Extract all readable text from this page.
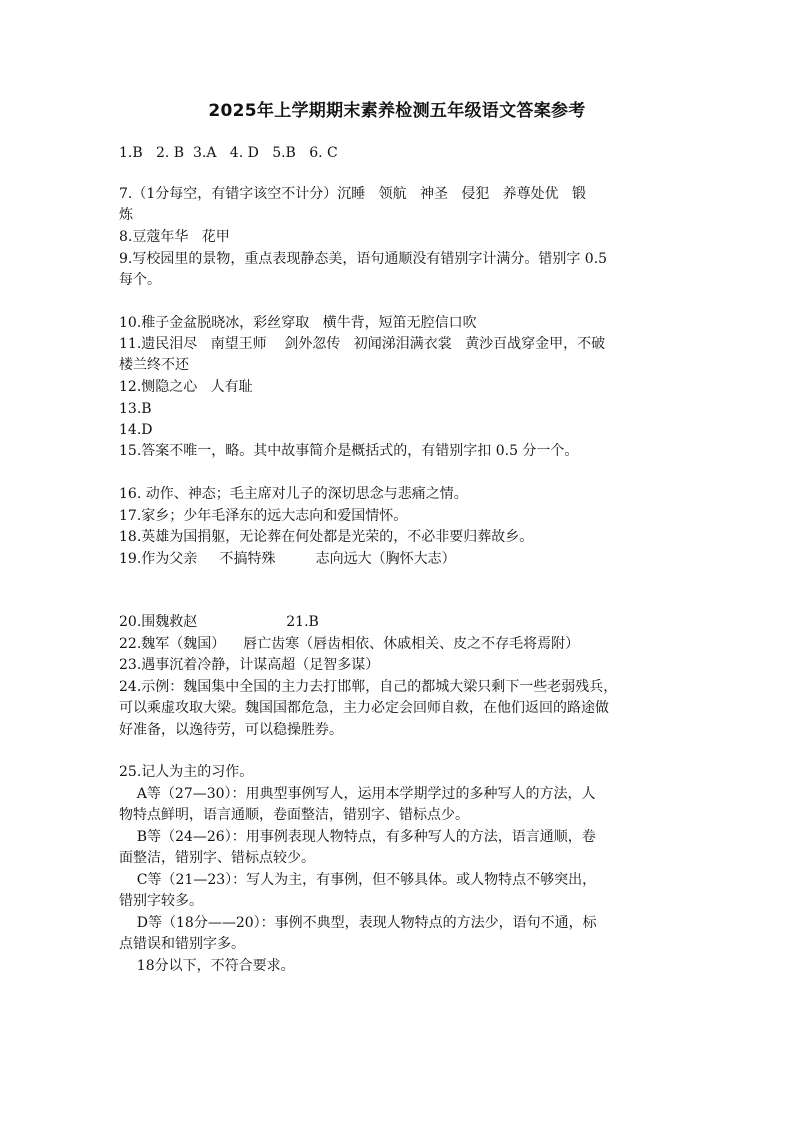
2025年上学期期末素养检测五年级语文答案参考
1.B   2. B  3.A   4. D   5.B   6. C
7.（1分每空，有错字该空不计分）沉睡   领航   神圣   侵犯   养尊处优   锻
炼
8.豆蔻年华   花甲
9.写校园里的景物，重点表现静态美，语句通顺没有错别字计满分。错别字 0.5
每个。
10.稚子金盆脱晓冰，彩丝穿取   横牛背，短笛无腔信口吹
11.遗民泪尽   南望王师    剑外忽传   初闻涕泪满衣裳   黄沙百战穿金甲，不破
楼兰终不还
12.恻隐之心   人有耻
13.B
14.D
15.答案不唯一，略。其中故事简介是概括式的，有错别字扣 0.5 分一个。
16. 动作、神态；毛主席对儿子的深切思念与悲痛之情。
17.家乡；少年毛泽东的远大志向和爱国情怀。
18.英雄为国捐躯，无论葬在何处都是光荣的，不必非要归葬故乡。
19.作为父亲     不搞特殊         志向远大（胸怀大志）
20.围魏救赵                    21.B
22.魏军（魏国）    唇亡齿寒（唇齿相依、休戚相关、皮之不存毛将焉附）
23.遇事沉着冷静，计谋高超（足智多谋）
24.示例：魏国集中全国的主力去打邯郸，自己的都城大梁只剩下一些老弱残兵，
可以乘虚攻取大梁。魏国国都危急，主力必定会回师自救，在他们返回的路途做
好准备，以逸待劳，可以稳操胜券。
25.记人为主的习作。
A等（27—30）：用典型事例写人，运用本学期学过的多种写人的方法，人
物特点鲜明，语言通顺，卷面整洁，错别字、错标点少。
B等（24—26）：用事例表现人物特点，有多种写人的方法，语言通顺，卷
面整洁，错别字、错标点较少。
C等（21—23）：写人为主，有事例，但不够具体。或人物特点不够突出，
错别字较多。
D等（18分——20）：事例不典型，表现人物特点的方法少，语句不通，标
点错误和错别字多。
18分以下，不符合要求。
